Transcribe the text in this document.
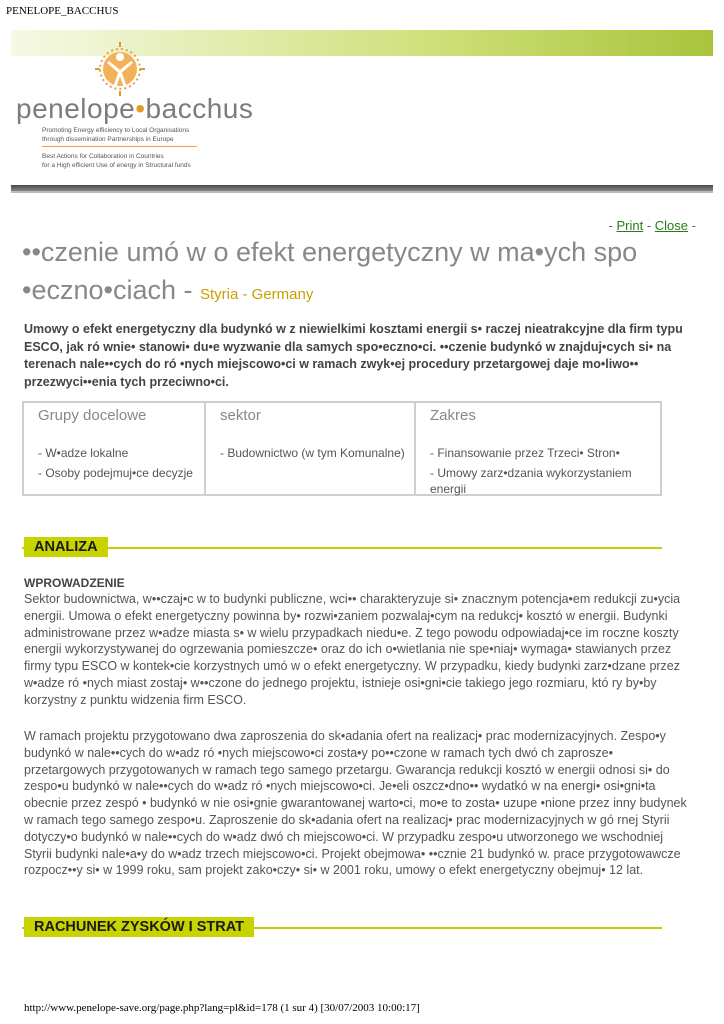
PENELOPE_BACCHUS
penelope•bacchus
Promoting Energy efficiency to Local Organisations
through dissemination Partnerships in Europe
Best Actions for Collaboration in Countries
for a High efficient Use of energy in Structural funds
- Print - Close -
••czenie umó w o efekt energetyczny w ma•ych spo •eczno•ciach - Styria - Germany

Umowy o efekt energetyczny dla budynkó w z niewielkimi kosztami energii s• raczej nieatrakcyjne dla firm typu ESCO, jak ró wnie• stanowi• du•e wyzwanie dla samych spo•eczno•ci. ••czenie budynkó w znajduj•cych si• na terenach nale••cych do ró •nych miejscowo•ci w ramach zwyk•ej procedury przetargowej daje mo•liwo•• przezwyci••enia tych przeciwno•ci.

Grupy docelowe
- W•adze lokalne
- Osoby podejmuj•ce decyzje
sektor
- Budownictwo (w tym Komunalne)
Zakres
- Finansowanie przez Trzeci• Stron•
- Umowy zarz•dzania wykorzystaniem energii
ANALIZA
WPROWADZENIE

Sektor budownictwa, w••czaj•c w to budynki publiczne, wci•• charakteryzuje si• znacznym potencja•em redukcji zu•ycia energii. Umowa o efekt energetyczny powinna by• rozwi•zaniem pozwalaj•cym na redukcj• kosztó w energii. Budynki administrowane przez w•adze miasta s• w wielu przypadkach niedu•e. Z tego powodu odpowiadaj•ce im roczne koszty energii wykorzystywanej do ogrzewania pomieszcze• oraz do ich o•wietlania nie spe•niaj• wymaga• stawianych przez firmy typu ESCO w kontek•cie korzystnych umó w o efekt energetyczny. W przypadku, kiedy budynki zarz•dzane przez w•adze ró •nych miast zostaj• w••czone do jednego projektu, istnieje osi•gni•cie takiego jego rozmiaru, któ ry by•by korzystny z punktu widzenia firm ESCO.

W ramach projektu przygotowano dwa zaproszenia do sk•adania ofert na realizacj• prac modernizacyjnych. Zespo•y budynkó w nale••cych do w•adz ró •nych miejscowo•ci zosta•y po••czone w ramach tych dwó ch zaprosze• przetargowych przygotowanych w ramach tego samego przetargu. Gwarancja redukcji kosztó w energii odnosi si• do zespo•u budynkó w nale••cych do w•adz ró •nych miejscowo•ci. Je•eli oszcz•dno•• wydatkó w na energi• osi•gni•ta obecnie przez zespó • budynkó w nie osi•gnie gwarantowanej warto•ci, mo•e to zosta• uzupe •nione przez inny budynek w ramach tego samego zespo•u. Zaproszenie do sk•adania ofert na realizacj• prac modernizacyjnych w gó rnej Styrii dotyczy•o budynkó w nale••cych do w•adz dwó ch miejscowo•ci. W przypadku zespo•u utworzonego we wschodniej Styrii budynki nale•a•y do w•adz trzech miejscowo•ci. Projekt obejmowa• ••cznie 21 budynkó w. prace przygotowawcze rozpocz••y si• w 1999 roku, sam projekt zako•czy• si• w 2001 roku, umowy o efekt energetyczny obejmuj• 12 lat.

RACHUNEK ZYSKÓW I STRAT
http://www.penelope-save.org/page.php?lang=pl&id=178 (1 sur 4) [30/07/2003 10:00:17]
